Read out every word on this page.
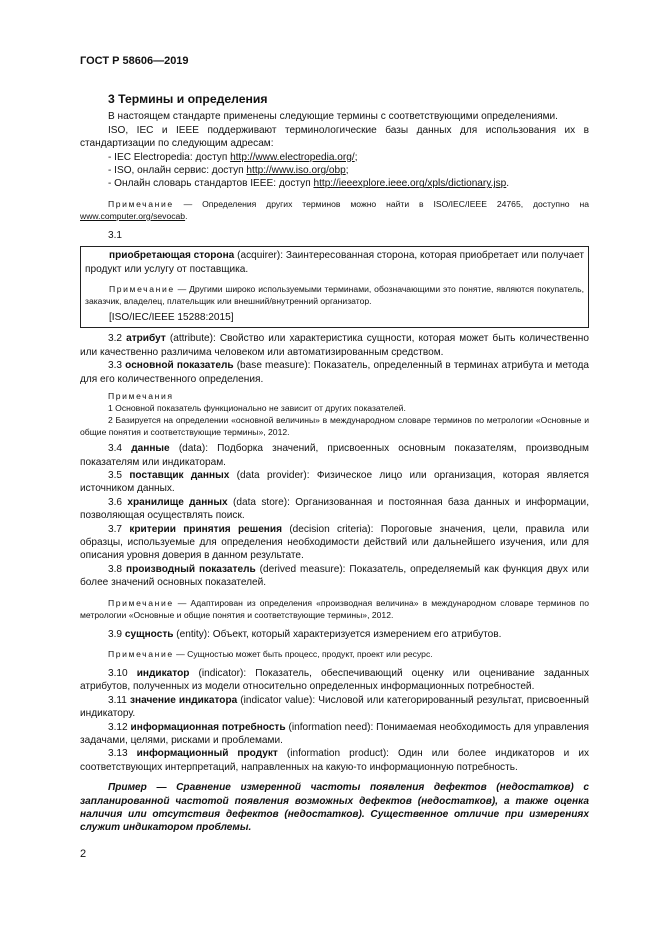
ГОСТ Р 58606—2019

3 Термины и определения

В настоящем стандарте применены следующие термины с соответствующими определениями.

ISO, IEC и IEEE поддерживают терминологические базы данных для использования их в стандартизации по следующим адресам:

- IEC Electropedia: доступ http://www.electropedia.org/;

- ISO, онлайн сервис: доступ http://www.iso.org/obp;

- Онлайн словарь стандартов IEEE: доступ http://ieeexplore.ieee.org/xpls/dictionary.jsp.

Примечание — Определения других терминов можно найти в ISO/IEC/IEEE 24765, доступно на www.computer.org/sevocab.

3.1

приобретающая сторона (acquirer): Заинтересованная сторона, которая приобретает или получает продукт или услугу от поставщика.

Примечание — Другими широко используемыми терминами, обозначающими это понятие, являются покупатель, заказчик, владелец, плательщик или внешний/внутренний организатор.

[ISO/IEC/IEEE 15288:2015]

3.2 атрибут (attribute): Свойство или характеристика сущности, которая может быть количественно или качественно различима человеком или автоматизированным средством.

3.3 основной показатель (base measure): Показатель, определенный в терминах атрибута и метода для его количественного определения.

Примечания

1 Основной показатель функционально не зависит от других показателей.

2 Базируется на определении «основной величины» в международном словаре терминов по метрологии «Основные и общие понятия и соответствующие термины», 2012.

3.4 данные (data): Подборка значений, присвоенных основным показателям, производным показателям или индикаторам.

3.5 поставщик данных (data provider): Физическое лицо или организация, которая является источником данных.

3.6 хранилище данных (data store): Организованная и постоянная база данных и информации, позволяющая осуществлять поиск.

3.7 критерии принятия решения (decision criteria): Пороговые значения, цели, правила или образцы, используемые для определения необходимости действий или дальнейшего изучения, или для описания уровня доверия в данном результате.

3.8 производный показатель (derived measure): Показатель, определяемый как функция двух или более значений основных показателей.

Примечание — Адаптирован из определения «производная величина» в международном словаре терминов по метрологии «Основные и общие понятия и соответствующие термины», 2012.

3.9 сущность (entity): Объект, который характеризуется измерением его атрибутов.

Примечание — Сущностью может быть процесс, продукт, проект или ресурс.

3.10 индикатор (indicator): Показатель, обеспечивающий оценку или оценивание заданных атрибутов, полученных из модели относительно определенных информационных потребностей.

3.11 значение индикатора (indicator value): Числовой или категорированный результат, присвоенный индикатору.

3.12 информационная потребность (information need): Понимаемая необходимость для управления задачами, целями, рисками и проблемами.

3.13 информационный продукт (information product): Один или более индикаторов и их соответствующих интерпретаций, направленных на какую-то информационную потребность.

Пример — Сравнение измеренной частоты появления дефектов (недостатков) с запланированной частотой появления возможных дефектов (недостатков), а также оценка наличия или отсутствия дефектов (недостатков). Существенное отличие при измерениях служит индикатором проблемы.

2
